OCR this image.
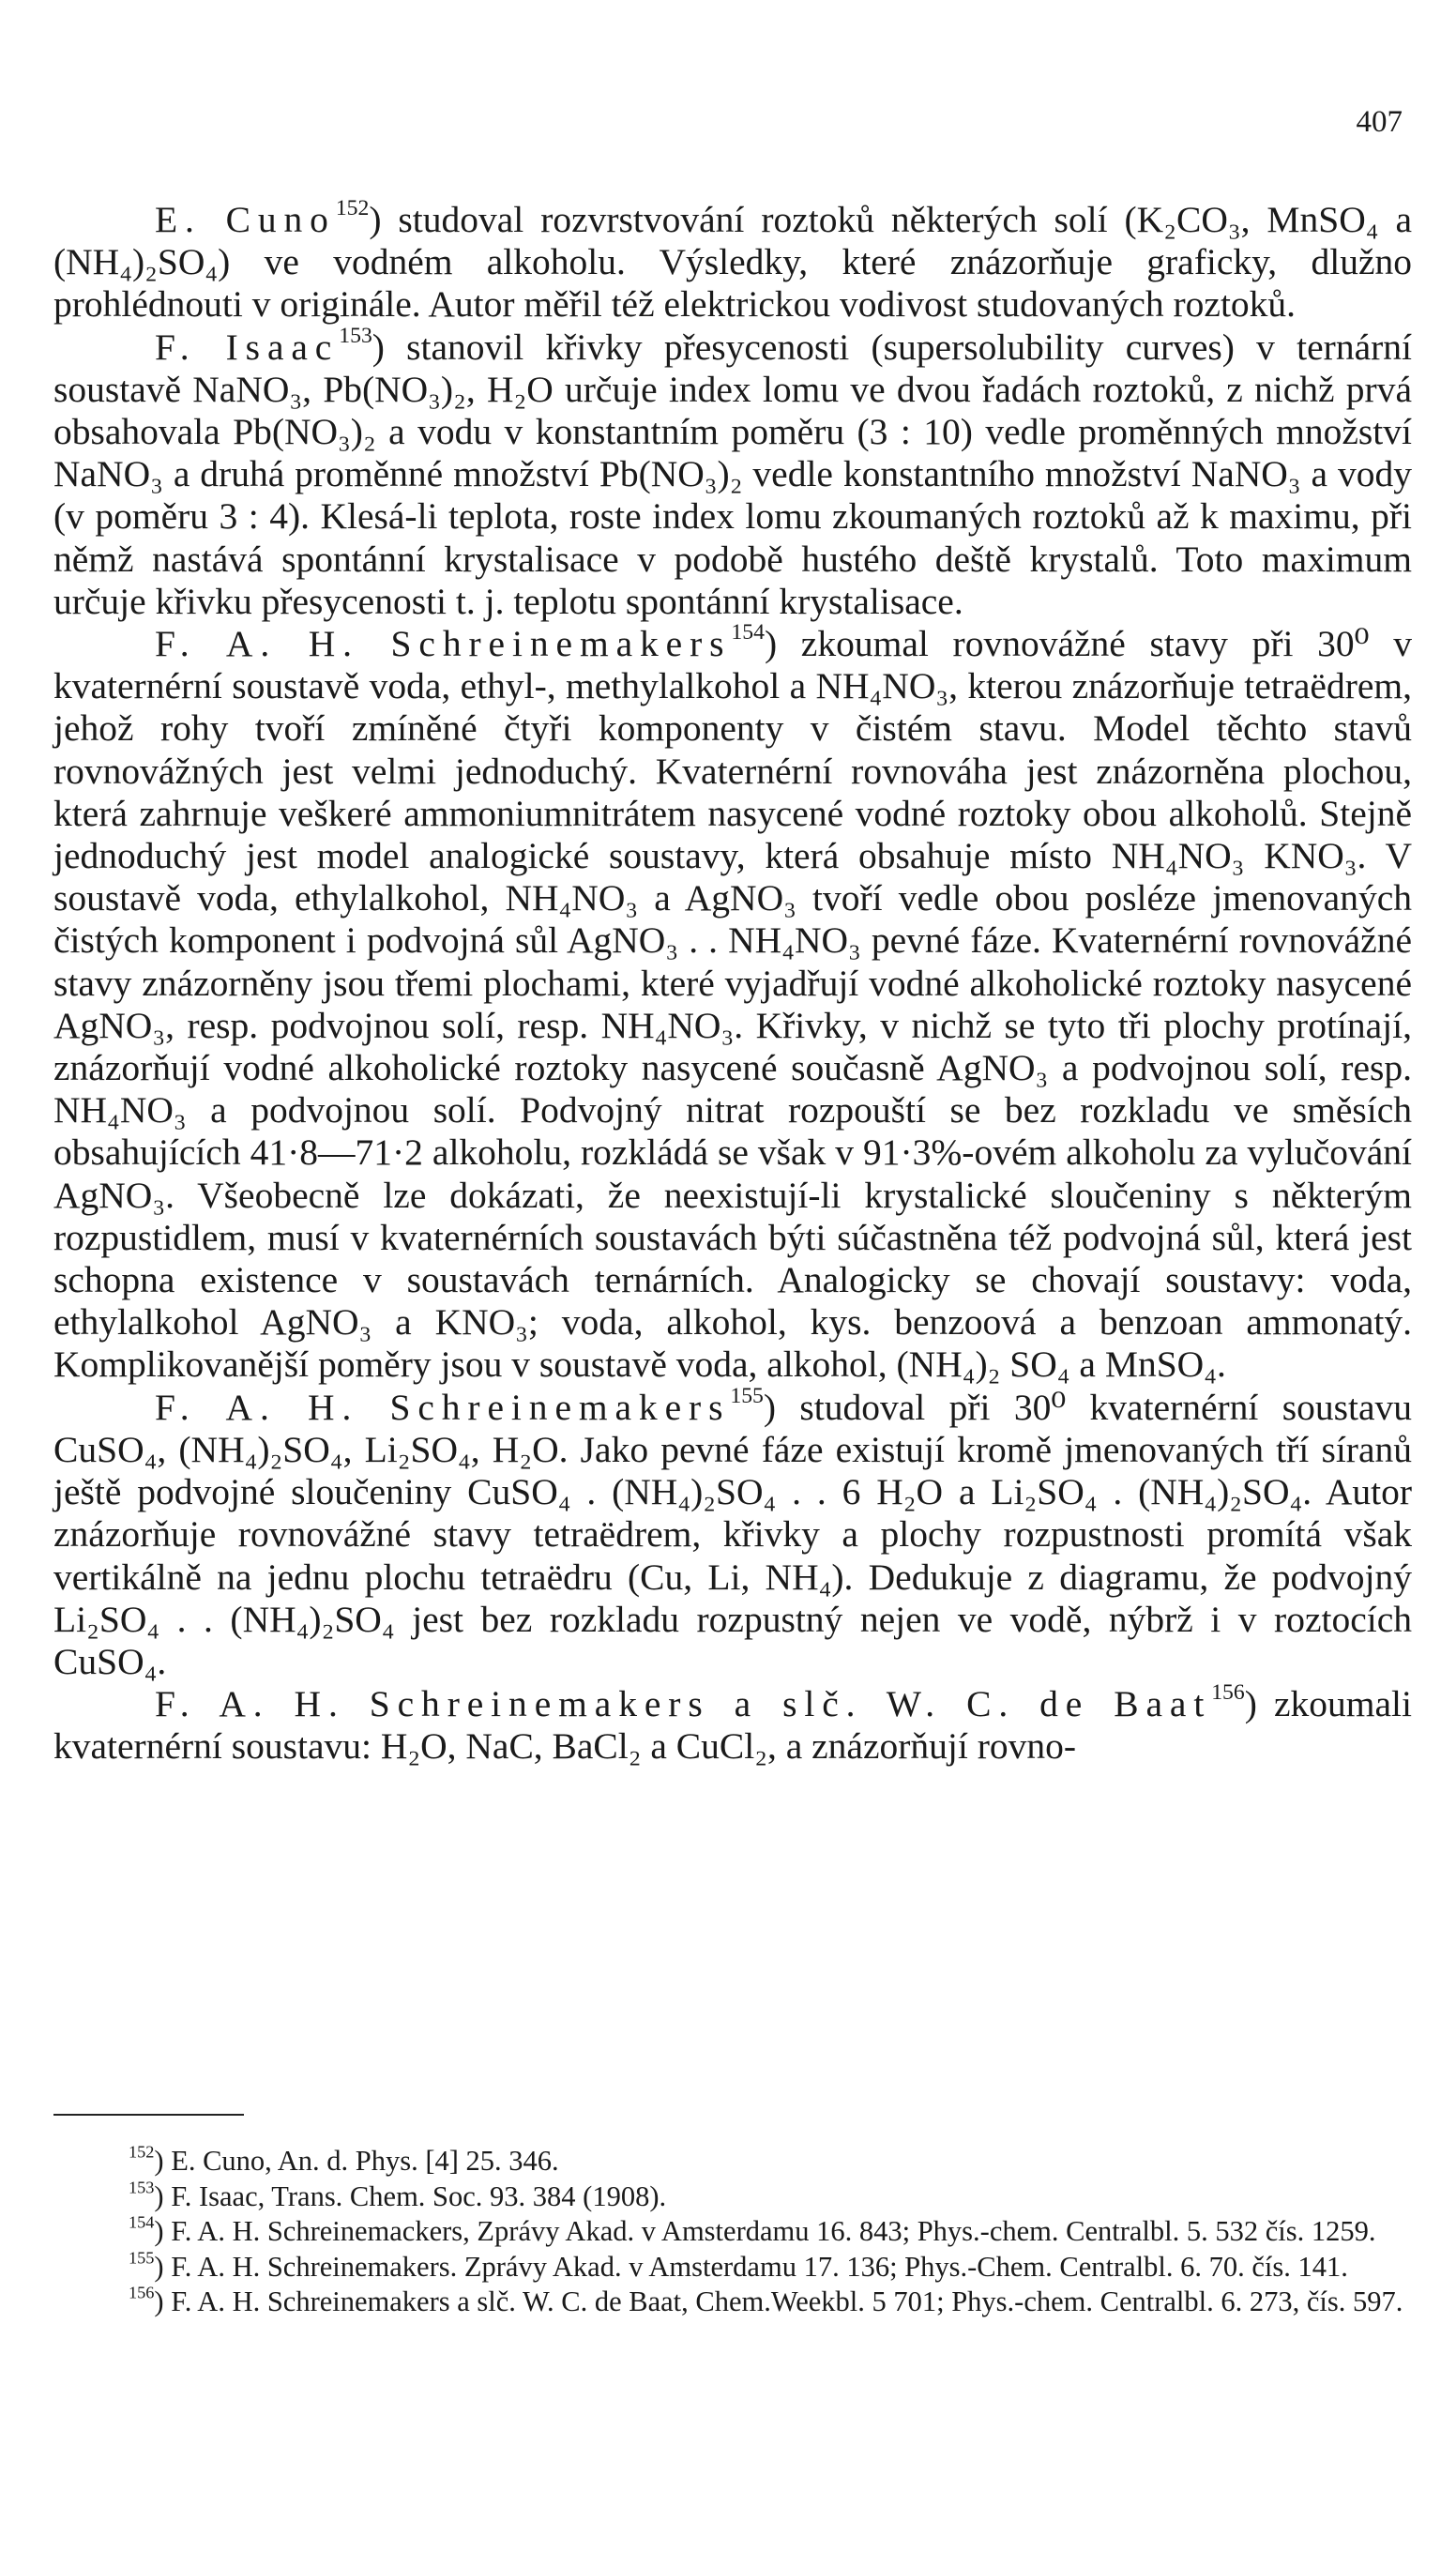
407

E. Cuno$^{152}$) studoval rozvrstvování roztoků některých solí (K₂CO₃, MnSO₄ a (NH₄)₂SO₄) ve vodném alkoholu. Výsledky, které znázorňuje graficky, dlužno prohlédnouti v originále. Autor měřil též elektrickou vodivost studovaných roztoků.

F. Isaac$^{153}$) stanovil křivky přesycenosti (supersolubility curves) v ternární soustavě NaNO₃, Pb(NO₃)₂, H₂O určuje index lomu ve dvou řadách roztoků, z nichž prvá obsahovala Pb(NO₃)₂ a vodu v konstantním poměru (3 : 10) vedle proměnných množství NaNO₃ a druhá proměnné množství Pb(NO₃)₂ vedle konstantního množství NaNO₃ a vody (v poměru 3 : 4). Klesá-li teplota, roste index lomu zkoumaných roztoků až k maximu, při němž nastává spontánní krystalisace v podobě hustého deště krystalů. Toto maximum určuje křivku přesycenosti t. j. teplotu spontánní krystalisace.

F. A. H. Schreinemakers$^{154}$) zkoumal rovnovážné stavy při 30⁰ v kvaternérní soustavě voda, ethyl-, methylalkohol a NH₄NO₃, kterou znázorňuje tetraëdrem, jehož rohy tvoří zmíněné čtyři komponenty v čistém stavu. Model těchto stavů rovnovážných jest velmi jednoduchý. Kvaternérní rovnováha jest znázorněna plochou, která zahrnuje veškeré ammoniumnitrátem nasycené vodné roztoky obou alkoholů. Stejně jednoduchý jest model analogické soustavy, která obsahuje místo NH₄NO₃ KNO₃. V soustavě voda, ethylalkohol, NH₄NO₃ a AgNO₃ tvoří vedle obou posléze jmenovaných čistých komponent i podvojná sůl AgNO₃ . . NH₄NO₃ pevné fáze. Kvaternérní rovnovážné stavy znázorněny jsou třemi plochami, které vyjadřují vodné alkoholické roztoky nasycené AgNO₃, resp. podvojnou solí, resp. NH₄NO₃. Křivky, v nichž se tyto tři plochy protínají, znázorňují vodné alkoholické roztoky nasycené současně AgNO₃ a podvojnou solí, resp. NH₄NO₃ a podvojnou solí. Podvojný nitrat rozpouští se bez rozkladu ve směsích obsahujících 41·8—71·2 alkoholu, rozkládá se však v 91·3%-ovém alkoholu za vylučování AgNO₃. Všeobecně lze dokázati, že neexistují-li krystalické sloučeniny s některým rozpustidlem, musí v kvaternérních soustavách býti súčastněna též podvojná sůl, která jest schopna existence v soustavách ternárních. Analogicky se chovají soustavy: voda, ethylalkohol AgNO₃ a KNO₃; voda, alkohol, kys. benzoová a benzoan ammonatý. Komplikovanější poměry jsou v soustavě voda, alkohol, (NH₄)₂ SO₄ a MnSO₄.

F. A. H. Schreinemakers$^{155}$) studoval při 30⁰ kvaternérní soustavu CuSO₄, (NH₄)₂SO₄, Li₂SO₄, H₂O. Jako pevné fáze existují kromě jmenovaných tří síranů ještě podvojné sloučeniny CuSO₄ . (NH₄)₂SO₄ . . 6 H₂O a Li₂SO₄ . (NH₄)₂SO₄. Autor znázorňuje rovnovážné stavy tetraëdrem, křivky a plochy rozpustnosti promítá však vertikálně na jednu plochu tetraëdru (Cu, Li, NH₄). Dedukuje z diagramu, že podvojný Li₂SO₄ . . (NH₄)₂SO₄ jest bez rozkladu rozpustný nejen ve vodě, nýbrž i v roztocích CuSO₄.

F. A. H. Schreinemakers a slč. W. C. de Baat$^{156}$) zkoumali kvaternérní soustavu: H₂O, NaC, BaCl₂ a CuCl₂, a znázorňují rovno-

$^{152}$) E. Cuno, An. d. Phys. [4] 25. 346.

$^{153}$) F. Isaac, Trans. Chem. Soc. 93. 384 (1908).

$^{154}$) F. A. H. Schreinemackers, Zprávy Akad. v Amsterdamu 16. 843; Phys.-chem. Centralbl. 5. 532 čís. 1259.

$^{155}$) F. A. H. Schreinemakers. Zprávy Akad. v Amsterdamu 17. 136; Phys.-Chem. Centralbl. 6. 70. čís. 141.

$^{156}$) F. A. H. Schreinemakers a slč. W. C. de Baat, Chem.Weekbl. 5 701; Phys.-chem. Centralbl. 6. 273, čís. 597.
